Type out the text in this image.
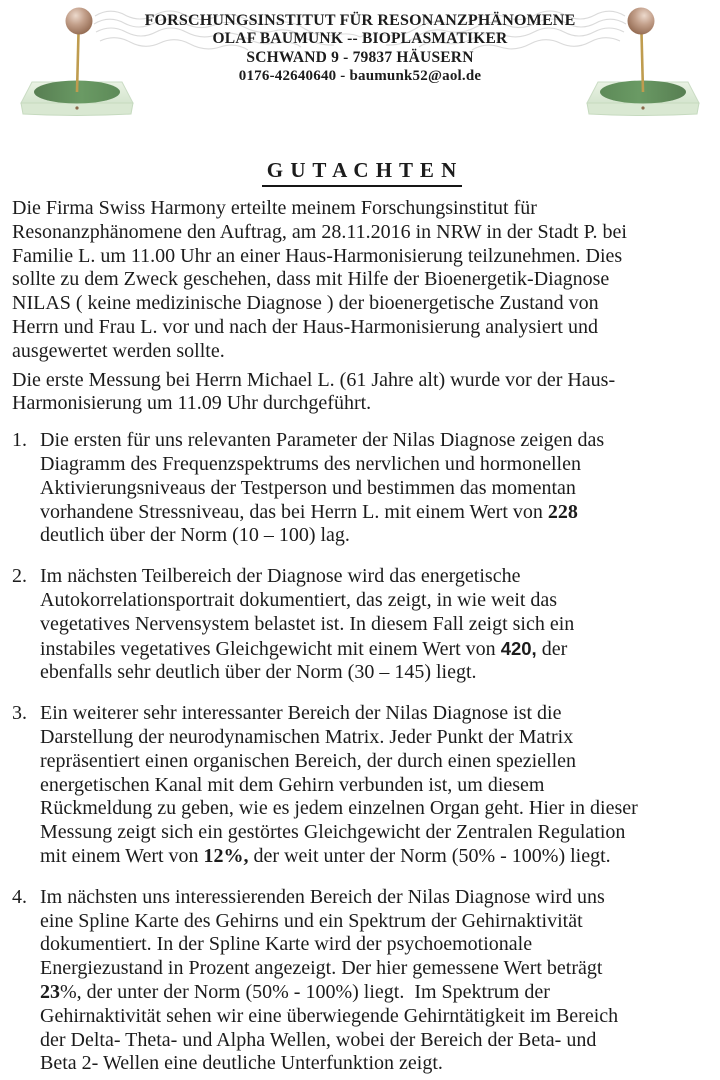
FORSCHUNGSINSTITUT FÜR RESONANZPHÄNOMENE
OLAF BAUMUNK -- BIOPLASMATIKER
SCHWAND 9 - 79837 HÄUSERN
0176-42640640 - baumunk52@aol.de
G U T A C H T E N
Die Firma Swiss Harmony erteilte meinem Forschungsinstitut für
Resonanzphänomene den Auftrag, am 28.11.2016 in NRW in der Stadt P. bei
Familie L. um 11.00 Uhr an einer Haus-Harmonisierung teilzunehmen. Dies
sollte zu dem Zweck geschehen, dass mit Hilfe der Bioenergetik-Diagnose
NILAS ( keine medizinische Diagnose ) der bioenergetische Zustand von
Herrn und Frau L. vor und nach der Haus-Harmonisierung analysiert und
ausgewertet werden sollte.
Die erste Messung bei Herrn Michael L. (61 Jahre alt) wurde vor der Haus-
Harmonisierung um 11.09 Uhr durchgeführt.
1. Die ersten für uns relevanten Parameter der Nilas Diagnose zeigen das
Diagramm des Frequenzspektrums des nervlichen und hormonellen
Aktivierungsniveaus der Testperson und bestimmen das momentan
vorhandene Stressniveau, das bei Herrn L. mit einem Wert von 228
deutlich über der Norm (10 – 100) lag.
2. Im nächsten Teilbereich der Diagnose wird das energetische
Autokorrelationsportrait dokumentiert, das zeigt, in wie weit das
vegetatives Nervensystem belastet ist. In diesem Fall zeigt sich ein
instabiles vegetatives Gleichgewicht mit einem Wert von 420, der
ebenfalls sehr deutlich über der Norm (30 – 145) liegt.
3. Ein weiterer sehr interessanter Bereich der Nilas Diagnose ist die
Darstellung der neurodynamischen Matrix. Jeder Punkt der Matrix
repräsentiert einen organischen Bereich, der durch einen speziellen
energetischen Kanal mit dem Gehirn verbunden ist, um diesem
Rückmeldung zu geben, wie es jedem einzelnen Organ geht. Hier in dieser
Messung zeigt sich ein gestörtes Gleichgewicht der Zentralen Regulation
mit einem Wert von 12%, der weit unter der Norm (50% - 100%) liegt.
4. Im nächsten uns interessierenden Bereich der Nilas Diagnose wird uns
eine Spline Karte des Gehirns und ein Spektrum der Gehirnaktivität
dokumentiert. In der Spline Karte wird der psychoemotionale
Energiezustand in Prozent angezeigt. Der hier gemessene Wert beträgt
23%, der unter der Norm (50% - 100%) liegt.  Im Spektrum der
Gehirnaktivität sehen wir eine überwiegende Gehirntätigkeit im Bereich
der Delta- Theta- und Alpha Wellen, wobei der Bereich der Beta- und
Beta 2- Wellen eine deutliche Unterfunktion zeigt.
